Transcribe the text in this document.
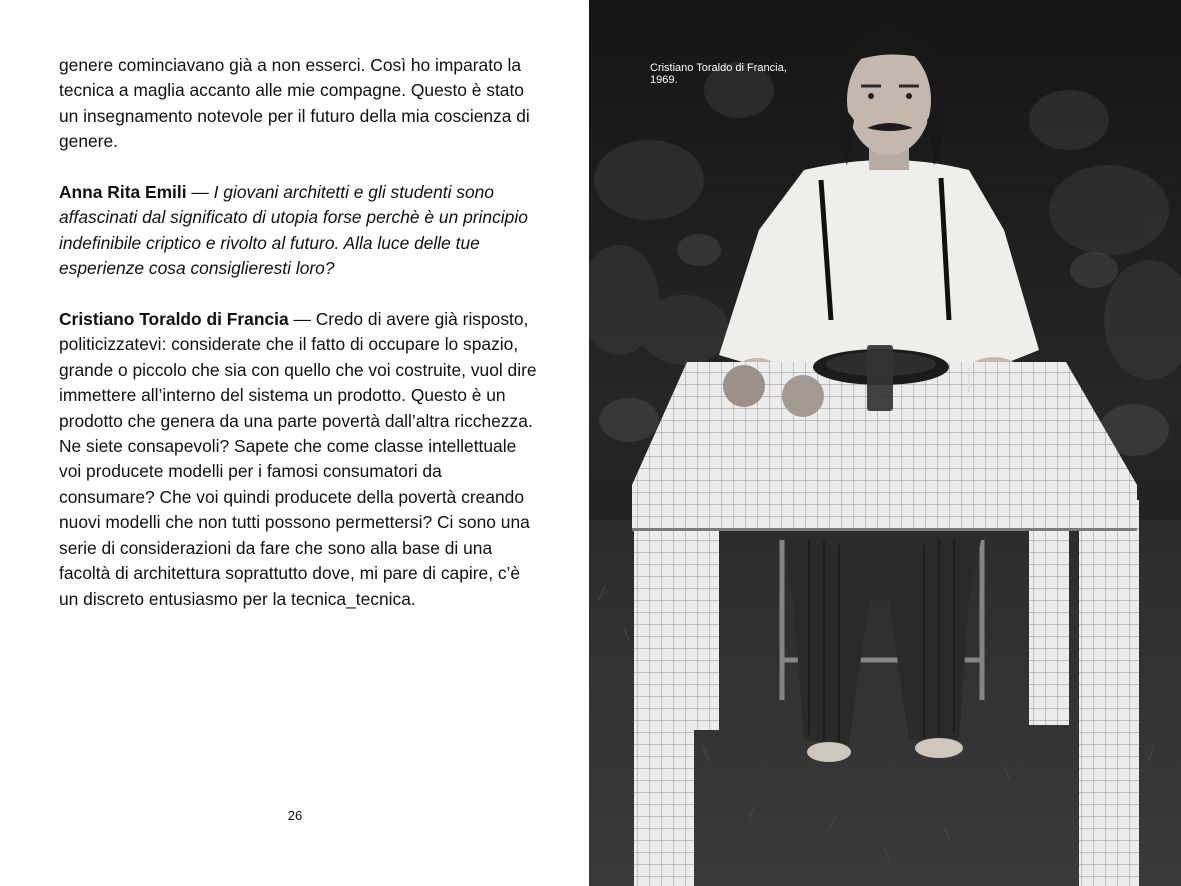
genere cominciavano già a non esserci. Così ho imparato la tecnica a maglia accanto alle mie compagne. Questo è stato un insegnamento notevole per il futuro della mia coscienza di genere.

Anna Rita Emili — I giovani architetti e gli studenti sono affascinati dal significato di utopia forse perchè è un principio indefinibile criptico e rivolto al futuro. Alla luce delle tue esperienze cosa consiglieresti loro?

Cristiano Toraldo di Francia — Credo di avere già risposto, politicizzatevi: considerate che il fatto di occupare lo spazio, grande o piccolo che sia con quello che voi costruite, vuol dire immettere all’interno del sistema un prodotto. Questo è un prodotto che genera da una parte povertà dall’altra ricchezza. Ne siete consapevoli? Sapete che come classe intellettuale voi producete modelli per i famosi consumatori da consumare? Che voi quindi producete della povertà creando nuovi modelli che non tutti possono permettersi? Ci sono una serie di considerazioni da fare che sono alla base di una facoltà di architettura soprattutto dove, mi pare di capire, c’è un discreto entusiasmo per la tecnica_tecnica.

26
Cristiano Toraldo di Francia,
1969.
